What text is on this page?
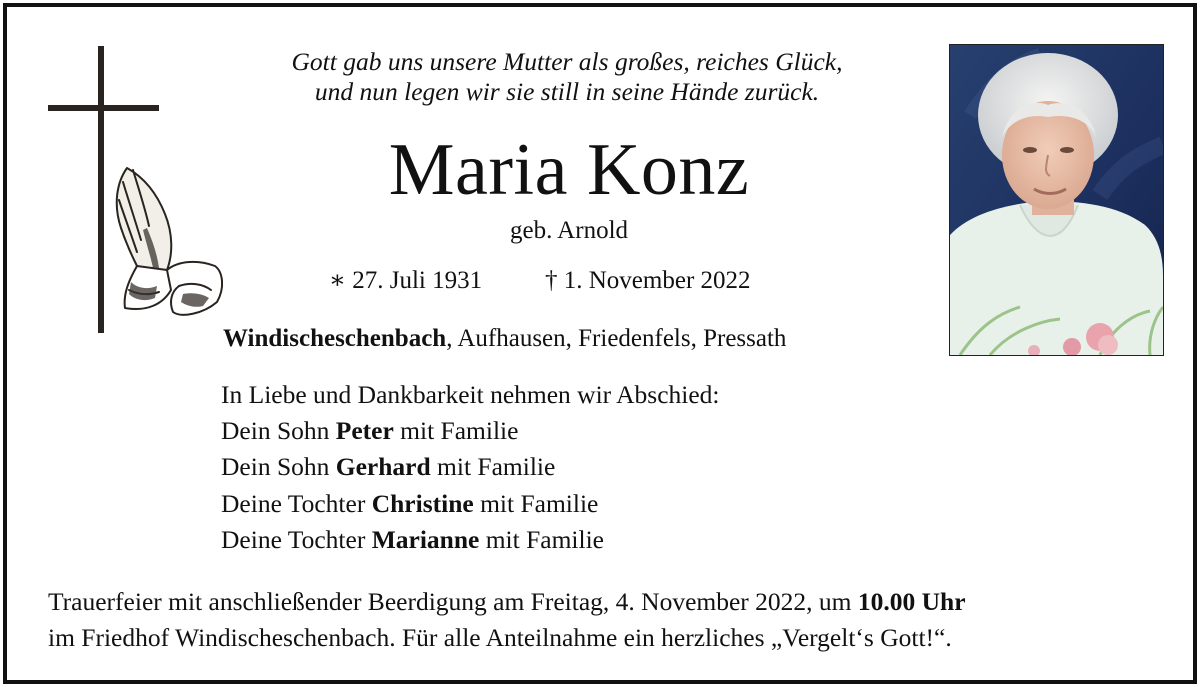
Gott gab uns unsere Mutter als großes, reiches Glück,
und nun legen wir sie still in seine Hände zurück.
Maria Konz
geb. Arnold
∗ 27. Juli 1931	† 1. November 2022
Windischeschenbach, Aufhausen, Friedenfels, Pressath
In Liebe und Dankbarkeit nehmen wir Abschied:
Dein Sohn Peter mit Familie
Dein Sohn Gerhard mit Familie
Deine Tochter Christine mit Familie
Deine Tochter Marianne mit Familie
Trauerfeier mit anschließender Beerdigung am Freitag, 4. November 2022, um 10.00 Uhr
im Friedhof Windischeschenbach. Für alle Anteilnahme ein herzliches „Vergelt‘s Gott!“.
